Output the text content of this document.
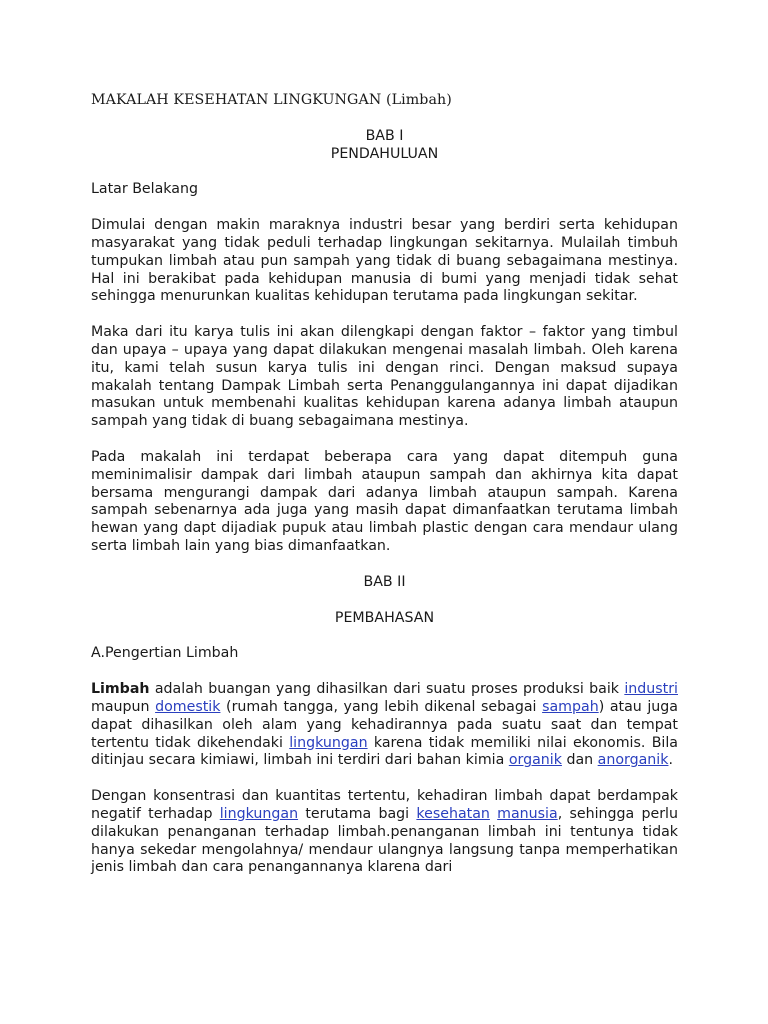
MAKALAH KESEHATAN LINGKUNGAN (Limbah)
BAB I
PENDAHULUAN
Latar Belakang
Dimulai dengan makin maraknya industri besar yang berdiri serta kehidupan masyarakat yang tidak peduli terhadap lingkungan sekitarnya. Mulailah timbuh tumpukan limbah atau pun sampah yang tidak di buang sebagaimana mestinya. Hal ini berakibat pada kehidupan manusia di bumi yang menjadi tidak sehat sehingga menurunkan kualitas kehidupan terutama pada lingkungan sekitar.
Maka dari itu karya tulis ini akan dilengkapi dengan faktor – faktor yang timbul dan upaya – upaya yang dapat dilakukan mengenai masalah limbah. Oleh karena itu, kami telah susun karya tulis ini dengan rinci. Dengan maksud supaya makalah tentang Dampak Limbah serta Penanggulangannya ini dapat dijadikan masukan untuk membenahi kualitas kehidupan karena adanya limbah ataupun sampah yang tidak di buang sebagaimana mestinya.
Pada makalah ini terdapat beberapa cara yang dapat ditempuh guna meminimalisir dampak dari limbah ataupun sampah dan akhirnya kita dapat bersama mengurangi dampak dari adanya limbah ataupun sampah. Karena sampah sebenarnya ada juga yang masih dapat dimanfaatkan terutama limbah hewan yang dapt dijadiak pupuk atau limbah plastic dengan cara mendaur ulang serta limbah lain yang bias dimanfaatkan.
BAB II
PEMBAHASAN
A.Pengertian Limbah
Limbah adalah buangan yang dihasilkan dari suatu proses produksi baik industri maupun domestik (rumah tangga, yang lebih dikenal sebagai sampah) atau juga dapat dihasilkan oleh alam yang kehadirannya pada suatu saat dan tempat tertentu tidak dikehendaki lingkungan karena tidak memiliki nilai ekonomis. Bila ditinjau secara kimiawi, limbah ini terdiri dari bahan kimia organik dan anorganik.
Dengan konsentrasi dan kuantitas tertentu, kehadiran limbah dapat berdampak negatif terhadap lingkungan terutama bagi kesehatan manusia, sehingga perlu dilakukan penanganan terhadap limbah.penanganan limbah ini tentunya tidak hanya sekedar mengolahnya/ mendaur ulangnya langsung tanpa memperhatikan jenis limbah dan cara penangannanya klarena dari
